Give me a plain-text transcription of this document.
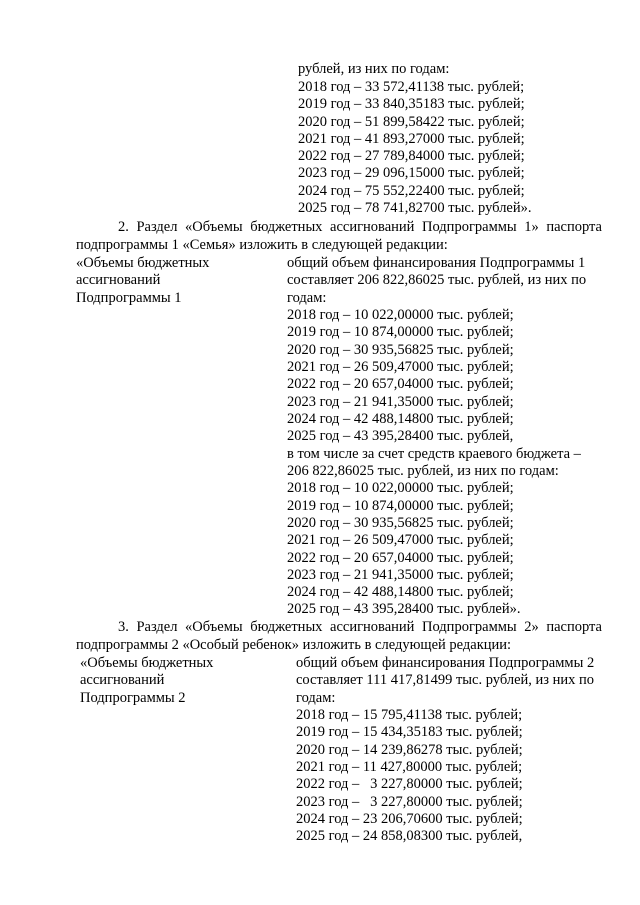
рублей, из них по годам:
2018 год – 33 572,41138 тыс. рублей;
2019 год – 33 840,35183 тыс. рублей;
2020 год – 51 899,58422 тыс. рублей;
2021 год – 41 893,27000 тыс. рублей;
2022 год – 27 789,84000 тыс. рублей;
2023 год – 29 096,15000 тыс. рублей;
2024 год – 75 552,22400 тыс. рублей;
2025 год – 78 741,82700 тыс. рублей».
2. Раздел «Объемы бюджетных ассигнований Подпрограммы 1» паспорта
подпрограммы 1 «Семья» изложить в следующей редакции:
«Объемы бюджетных
ассигнований
Подпрограммы 1
общий объем финансирования Подпрограммы 1
составляет 206 822,86025 тыс. рублей, из них по
годам:
2018 год – 10 022,00000 тыс. рублей;
2019 год – 10 874,00000 тыс. рублей;
2020 год – 30 935,56825 тыс. рублей;
2021 год – 26 509,47000 тыс. рублей;
2022 год – 20 657,04000 тыс. рублей;
2023 год – 21 941,35000 тыс. рублей;
2024 год – 42 488,14800 тыс. рублей;
2025 год – 43 395,28400 тыс. рублей,
в том числе за счет средств краевого бюджета –
206 822,86025 тыс. рублей, из них по годам:
2018 год – 10 022,00000 тыс. рублей;
2019 год – 10 874,00000 тыс. рублей;
2020 год – 30 935,56825 тыс. рублей;
2021 год – 26 509,47000 тыс. рублей;
2022 год – 20 657,04000 тыс. рублей;
2023 год – 21 941,35000 тыс. рублей;
2024 год – 42 488,14800 тыс. рублей;
2025 год – 43 395,28400 тыс. рублей».
3. Раздел «Объемы бюджетных ассигнований Подпрограммы 2» паспорта
подпрограммы 2 «Особый ребенок» изложить в следующей редакции:
«Объемы бюджетных
ассигнований
Подпрограммы 2
общий объем финансирования Подпрограммы 2
составляет 111 417,81499 тыс. рублей, из них по
годам:
2018 год – 15 795,41138 тыс. рублей;
2019 год – 15 434,35183 тыс. рублей;
2020 год – 14 239,86278 тыс. рублей;
2021 год – 11 427,80000 тыс. рублей;
2022 год –   3 227,80000 тыс. рублей;
2023 год –   3 227,80000 тыс. рублей;
2024 год – 23 206,70600 тыс. рублей;
2025 год – 24 858,08300 тыс. рублей,
